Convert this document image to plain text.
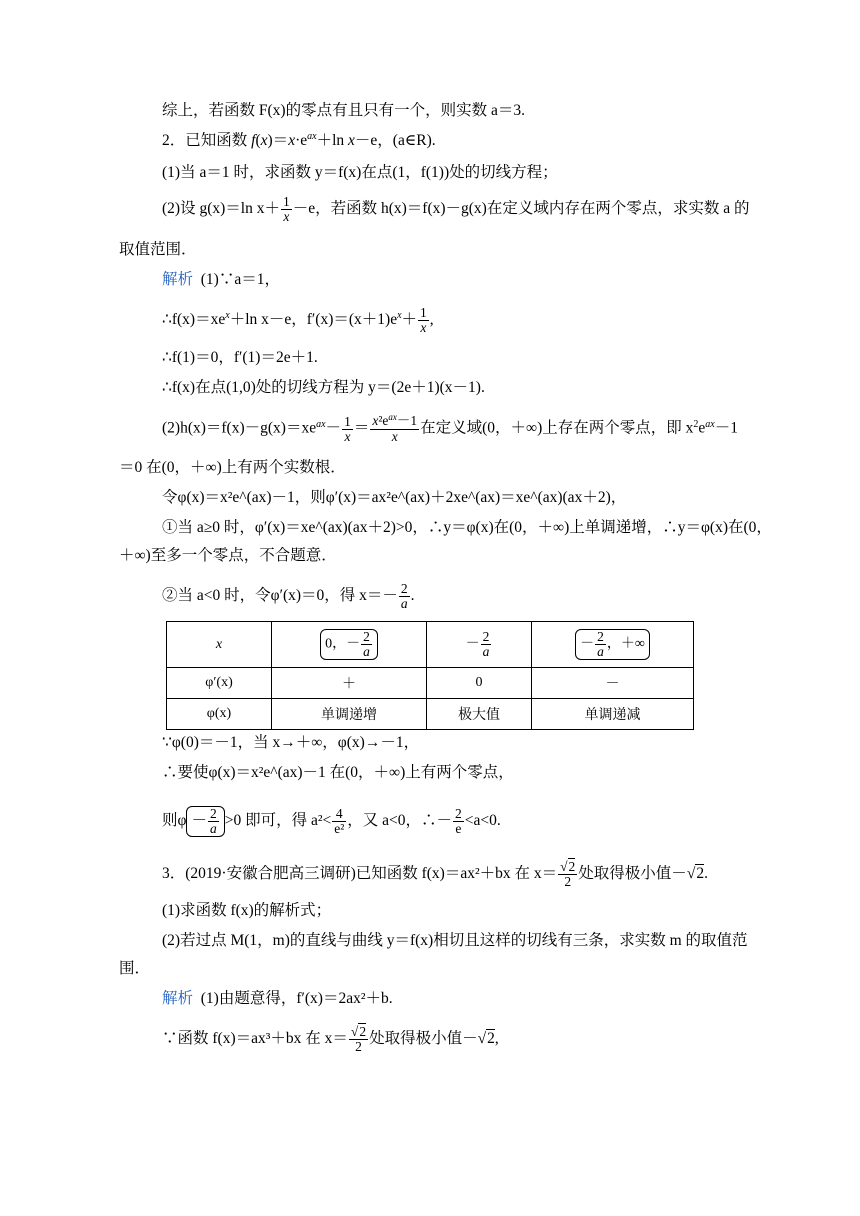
综上，若函数 F(x)的零点有且只有一个，则实数 a＝3.
2．已知函数 $f(x)=x\cdot e^{ax}+\ln$ x－e，(a∈R).
(1)当 a＝1 时，求函数 y＝f(x)在点(1，f(1))处的切线方程；
(2)设 g(x)＝ln $x+ \frac{1}{x} -e$，若函数 h(x)＝f(x)－g(x)在定义域内存在两个零点，求实数 a 的
取值范围．
解析 (1)∵a＝1，
$\therefore f(x)=xe^x+\ln$ x－e，$f'(x)=(x+1)e^x+ \frac{1}{x}$ ,
∴f(1)＝0，f′(1)＝2e＋1.
∴f(x)在点(1,0)处的切线方程为 y＝(2e＋1)(x－1).
$(2)h(x)=f(x)-g(x)=xe^{ax}- \frac{1}{x} = x^2e^{ax}-1$
x	在定义域(0，＋∞)上存在两个零点，即 $x^2e^{ax}-1$
＝0 在(0，＋∞)上有两个实数根．
令φ(x)＝x²e^(ax)－1，则φ′(x)＝ax²e^(ax)＋2xe^(ax)＝xe^(ax)(ax＋2)，
①当 a≥0 时，φ′(x)＝xe^(ax)(ax＋2)>0，∴y＝φ(x)在(0，＋∞)上单调递增，∴y＝φ(x)在(0，
＋∞)至多一个零点，不合题意．
②当 a<0 时，令φ′(x)＝0，得 $x=- \frac{2}{a}$ .
x	0，－ $\frac{2}{a}$	－ $\frac{2}{a}$	－ $\frac{2}{a}$ ，＋∞
φ′(x)	＋	0	－
φ(x)	单调递增	极大值	单调递减
∵φ(0)＝－1，当 x→＋∞，φ(x)→－1，
∴要使φ(x)＝x²e^(ax)－1 在(0，＋∞)上有两个零点，
则$\varphi - \frac{2}{a} >0$ 即可，得 $a^2< \frac{4}{\text{e²}}$ ，又 a<0，∴－ $\frac{2}{e} <a<0$.
3．(2019·安徽合肥高三调研)已知函数 f(x)＝ax²＋bx 在 $x= \frac{√2}{2}$ 处取得极小值－√2.
(1)求函数 f(x)的解析式；
(2)若过点 M(1，m)的直线与曲线 y＝f(x)相切且这样的切线有三条，求实数 m 的取值范
围．
解析 (1)由题意得，f′(x)＝2ax²＋b.
∵函数 f(x)＝ax³＋bx 在 $x= \frac{√2}{2}$ 处取得极小值－√2,
